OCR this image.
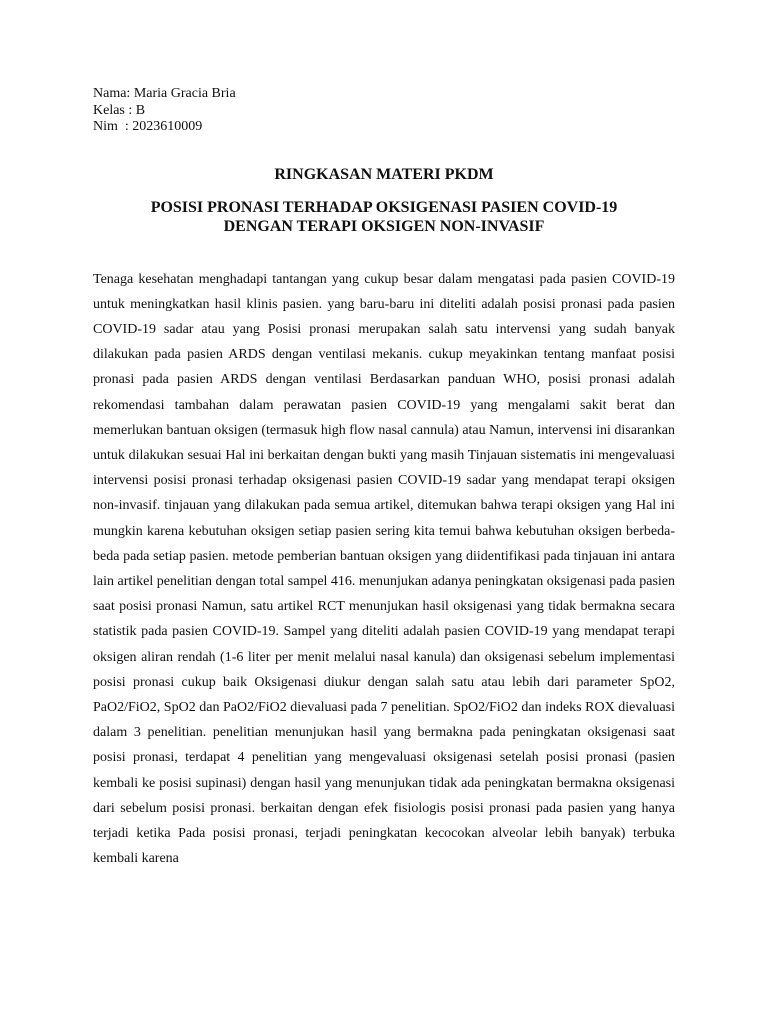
Nama: Maria Gracia Bria

Kelas : B

Nim  : 2023610009

RINGKASAN MATERI PKDM
POSISI PRONASI TERHADAP OKSIGENASI PASIEN COVID-19
DENGAN TERAPI OKSIGEN NON-INVASIF

Tenaga kesehatan menghadapi tantangan yang cukup besar dalam mengatasi pada pasien COVID-19 untuk meningkatkan hasil klinis pasien. yang baru-baru ini diteliti adalah posisi pronasi pada pasien COVID-19 sadar atau yang Posisi pronasi merupakan salah satu intervensi yang sudah banyak dilakukan pada pasien ARDS dengan ventilasi mekanis. cukup meyakinkan tentang manfaat posisi pronasi pada pasien ARDS dengan ventilasi Berdasarkan panduan WHO, posisi pronasi adalah rekomendasi tambahan dalam perawatan pasien COVID-19 yang mengalami sakit berat dan memerlukan bantuan oksigen (termasuk high flow nasal cannula) atau Namun, intervensi ini disarankan untuk dilakukan sesuai Hal ini berkaitan dengan bukti yang masih Tinjauan sistematis ini mengevaluasi intervensi posisi pronasi terhadap oksigenasi pasien COVID-19 sadar yang mendapat terapi oksigen non-invasif. tinjauan yang dilakukan pada semua artikel, ditemukan bahwa terapi oksigen yang Hal ini mungkin karena kebutuhan oksigen setiap pasien sering kita temui bahwa kebutuhan oksigen berbeda-beda pada setiap pasien. metode pemberian bantuan oksigen yang diidentifikasi pada tinjauan ini antara lain artikel penelitian dengan total sampel 416. menunjukan adanya peningkatan oksigenasi pada pasien saat posisi pronasi Namun, satu artikel RCT menunjukan hasil oksigenasi yang tidak bermakna secara statistik pada pasien COVID-19. Sampel yang diteliti adalah pasien COVID-19 yang mendapat terapi oksigen aliran rendah (1-6 liter per menit melalui nasal kanula) dan oksigenasi sebelum implementasi posisi pronasi cukup baik Oksigenasi diukur dengan salah satu atau lebih dari parameter SpO2, PaO2/FiO2, SpO2 dan PaO2/FiO2 dievaluasi pada 7 penelitian. SpO2/FiO2 dan indeks ROX dievaluasi dalam 3 penelitian. penelitian menunjukan hasil yang bermakna pada peningkatan oksigenasi saat posisi pronasi, terdapat 4 penelitian yang mengevaluasi oksigenasi setelah posisi pronasi (pasien kembali ke posisi supinasi) dengan hasil yang menunjukan tidak ada peningkatan bermakna oksigenasi dari sebelum posisi pronasi. berkaitan dengan efek fisiologis posisi pronasi pada pasien yang hanya terjadi ketika Pada posisi pronasi, terjadi peningkatan kecocokan alveolar lebih banyak) terbuka kembali karena
